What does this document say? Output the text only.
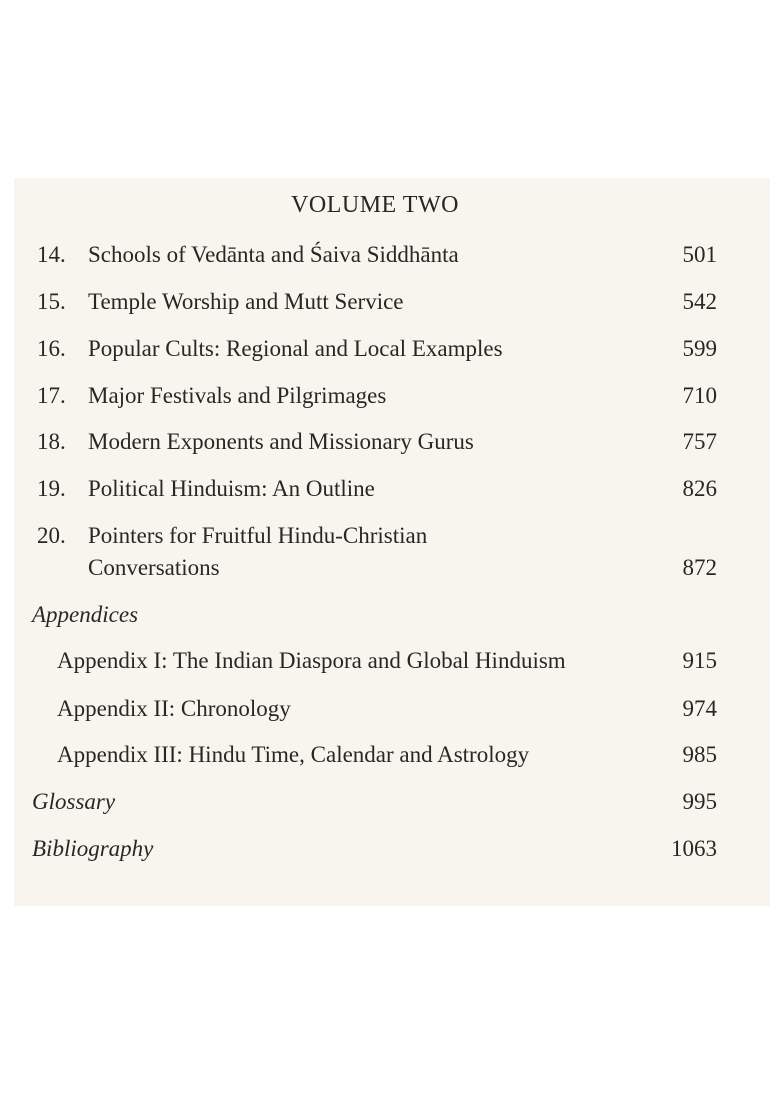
VOLUME TWO
14. Schools of Vedānta and Śaiva Siddhānta	501
15. Temple Worship and Mutt Service	542
16. Popular Cults: Regional and Local Examples	599
17. Major Festivals and Pilgrimages	710
18. Modern Exponents and Missionary Gurus	757
19. Political Hinduism: An Outline	826
20. Pointers for Fruitful Hindu-Christian
Conversations	872
Appendices
Appendix I: The Indian Diaspora and Global Hinduism	915
Appendix II: Chronology	974
Appendix III: Hindu Time, Calendar and Astrology	985
Glossary	995
Bibliography	1063
